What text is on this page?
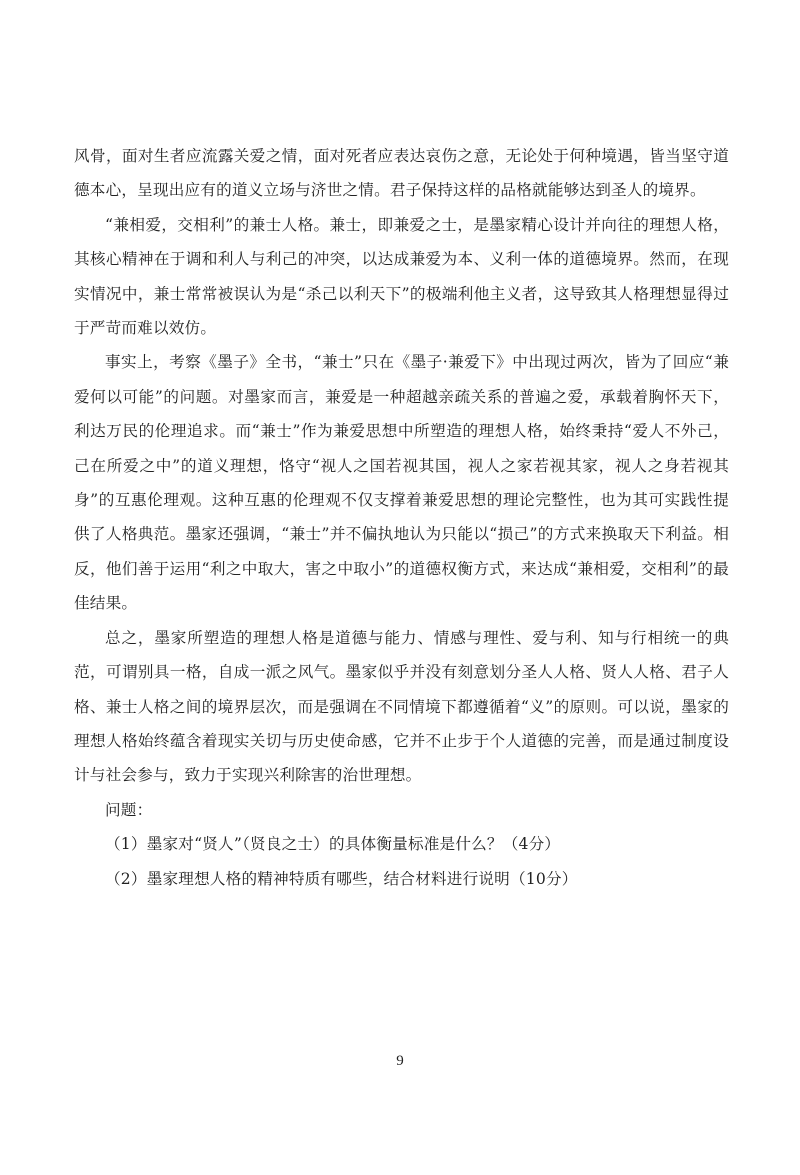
风骨，面对生者应流露关爱之情，面对死者应表达哀伤之意，无论处于何种境遇，皆当坚守道德本心，呈现出应有的道义立场与济世之情。君子保持这样的品格就能够达到圣人的境界。

“兼相爱，交相利”的兼士人格。兼士，即兼爱之士，是墨家精心设计并向往的理想人格，其核心精神在于调和利人与利己的冲突，以达成兼爱为本、义利一体的道德境界。然而，在现实情况中，兼士常常被误认为是“杀己以利天下”的极端利他主义者，这导致其人格理想显得过于严苛而难以效仿。

事实上，考察《墨子》全书，“兼士”只在《墨子·兼爱下》中出现过两次，皆为了回应“兼爱何以可能”的问题。对墨家而言，兼爱是一种超越亲疏关系的普遍之爱，承载着胸怀天下，利达万民的伦理追求。而“兼士”作为兼爱思想中所塑造的理想人格，始终秉持“爱人不外己，己在所爱之中”的道义理想，恪守“视人之国若视其国，视人之家若视其家，视人之身若视其身”的互惠伦理观。这种互惠的伦理观不仅支撑着兼爱思想的理论完整性，也为其可实践性提供了人格典范。墨家还强调，“兼士”并不偏执地认为只能以“损己”的方式来换取天下利益。相反，他们善于运用“利之中取大，害之中取小”的道德权衡方式，来达成“兼相爱，交相利”的最佳结果。

总之，墨家所塑造的理想人格是道德与能力、情感与理性、爱与利、知与行相统一的典范，可谓别具一格，自成一派之风气。墨家似乎并没有刻意划分圣人人格、贤人人格、君子人格、兼士人格之间的境界层次，而是强调在不同情境下都遵循着“义”的原则。可以说，墨家的理想人格始终蕴含着现实关切与历史使命感，它并不止步于个人道德的完善，而是通过制度设计与社会参与，致力于实现兴利除害的治世理想。

问题：

（1）墨家对“贤人”（贤良之士）的具体衡量标准是什么？（4分）

（2）墨家理想人格的精神特质有哪些，结合材料进行说明（10分）

9
